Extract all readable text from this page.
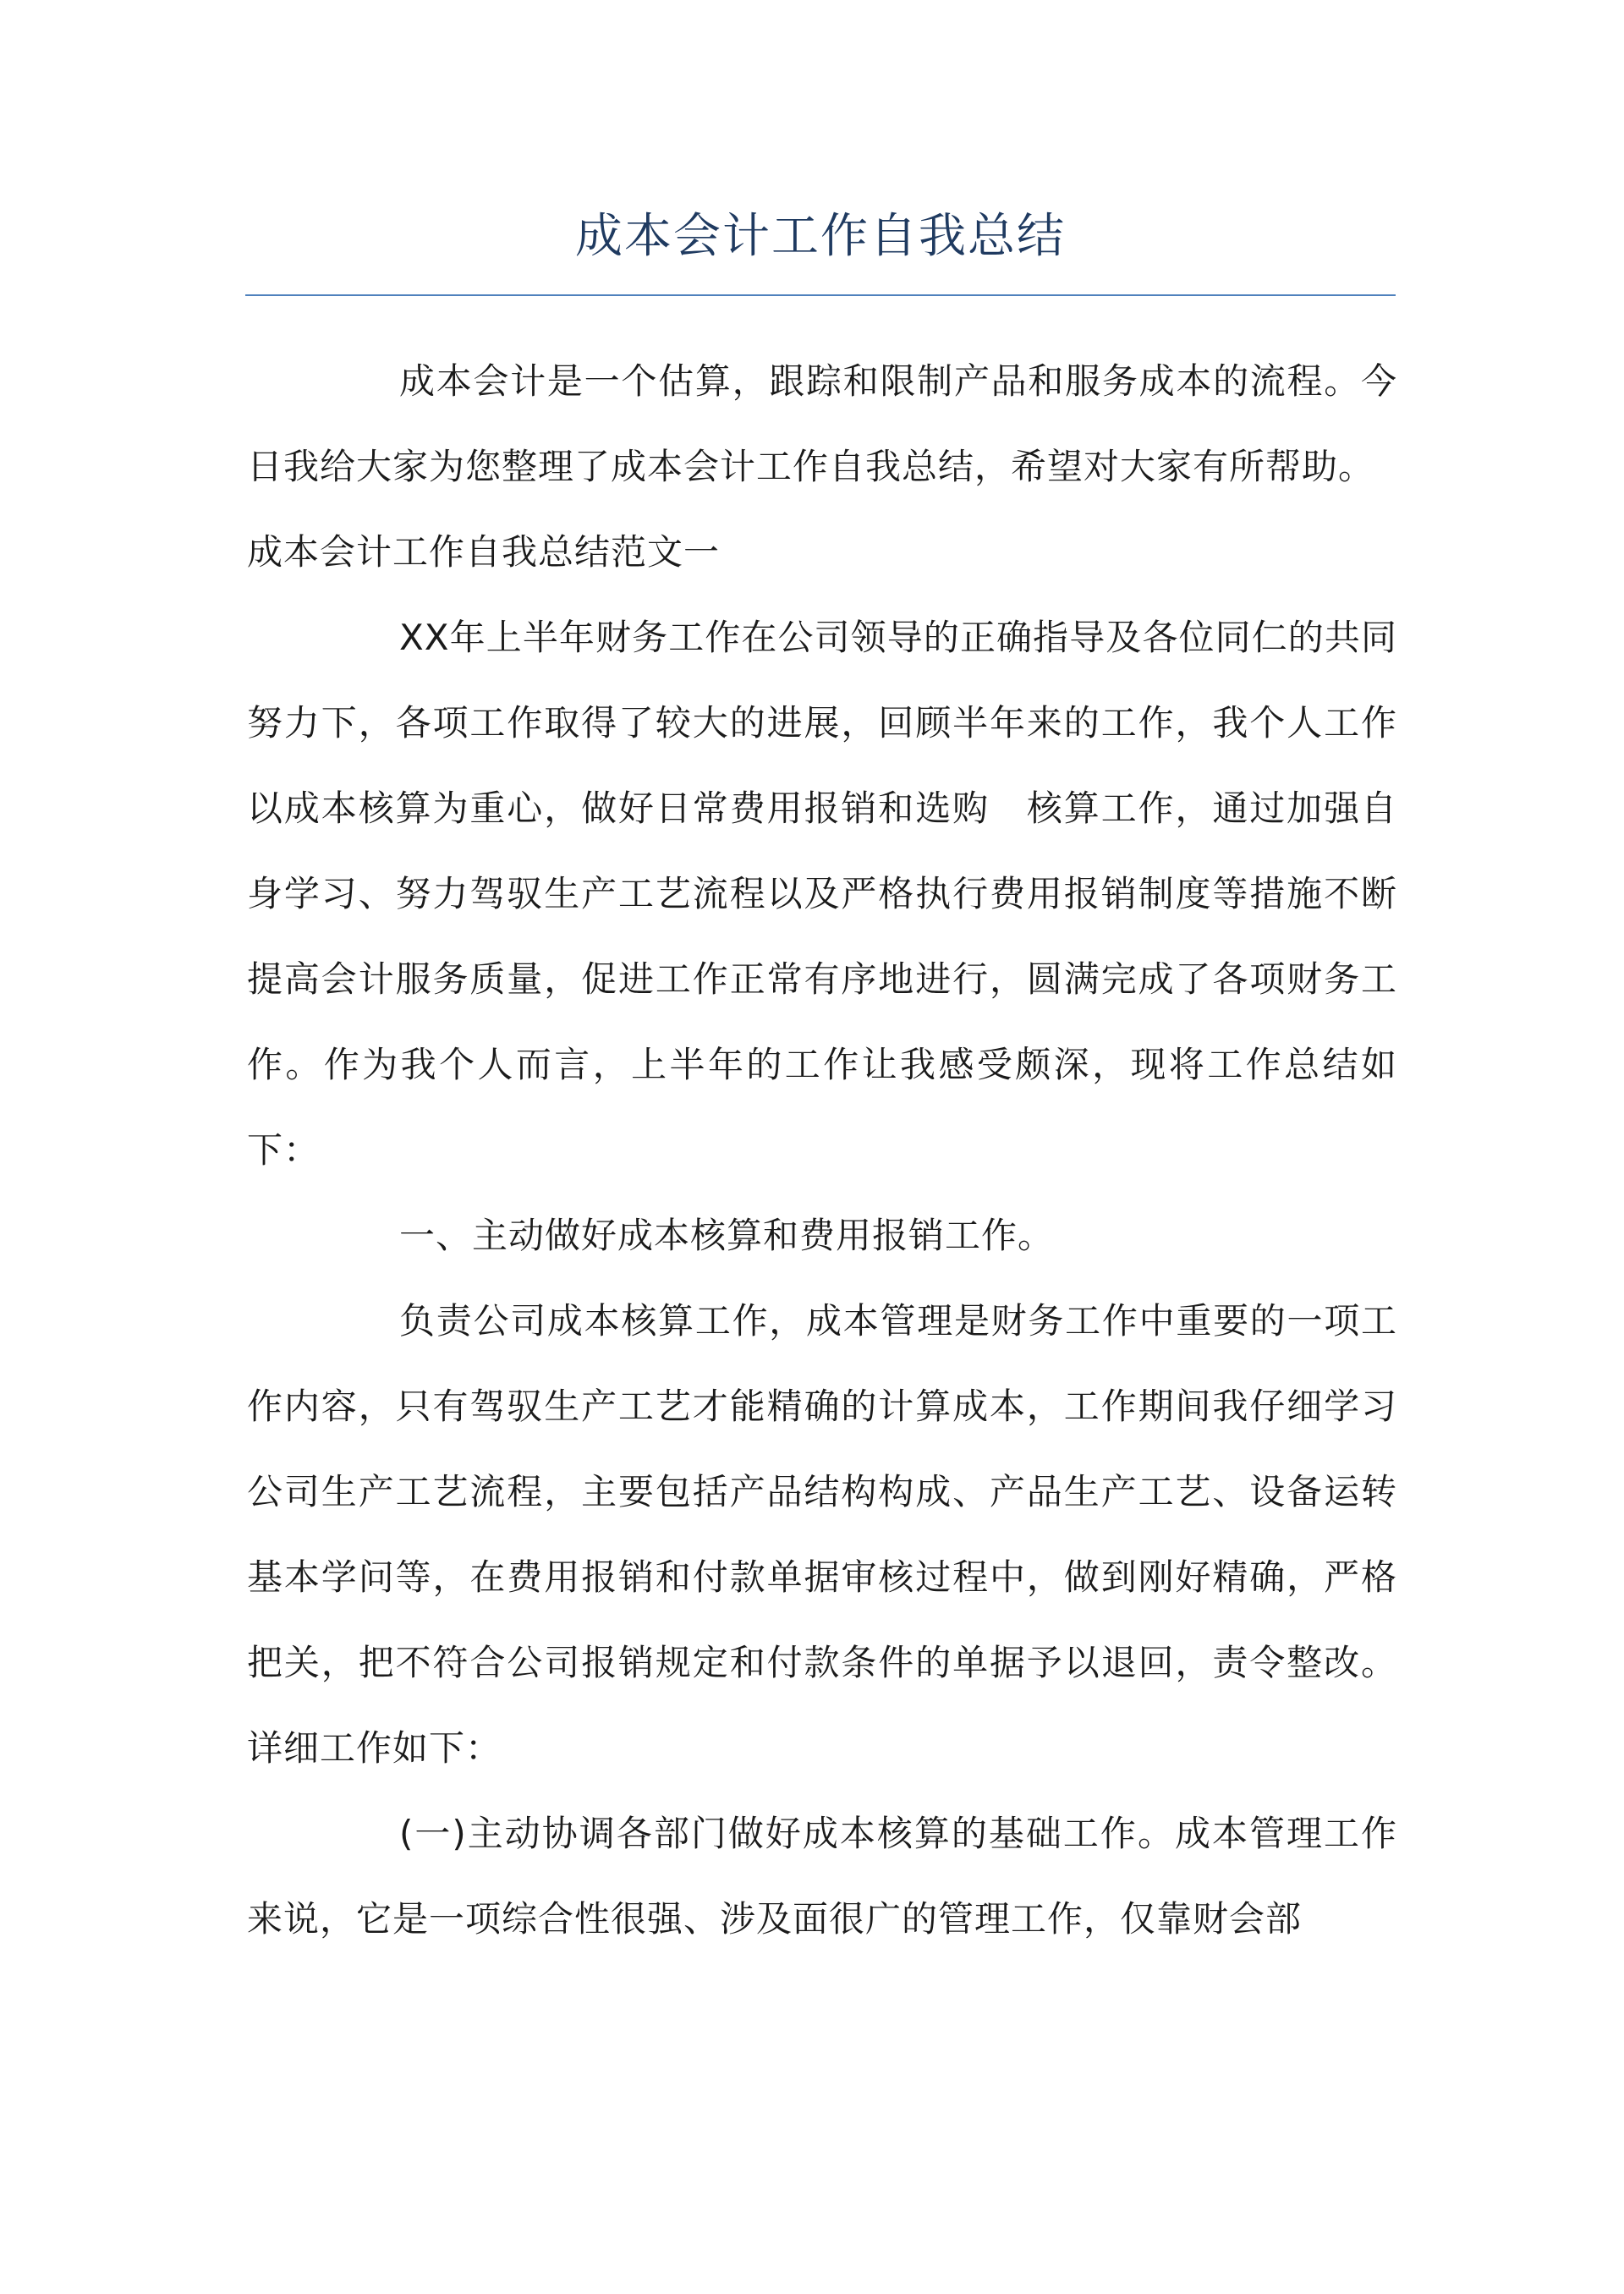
成本会计工作自我总结

成本会计是一个估算，跟踪和限制产品和服务成本的流程。今日我给大家为您整理了成本会计工作自我总结，希望对大家有所帮助。

成本会计工作自我总结范文一

XX年上半年财务工作在公司领导的正确指导及各位同仁的共同努力下，各项工作取得了较大的进展，回顾半年来的工作，我个人工作以成本核算为重心，做好日常费用报销和选购　核算工作，通过加强自身学习、努力驾驭生产工艺流程以及严格执行费用报销制度等措施不断提高会计服务质量，促进工作正常有序地进行，圆满完成了各项财务工作。作为我个人而言，上半年的工作让我感受颇深，现将工作总结如下：

一、主动做好成本核算和费用报销工作。

负责公司成本核算工作，成本管理是财务工作中重要的一项工作内容，只有驾驭生产工艺才能精确的计算成本，工作期间我仔细学习公司生产工艺流程，主要包括产品结构构成、产品生产工艺、设备运转基本学问等，在费用报销和付款单据审核过程中，做到刚好精确，严格把关，把不符合公司报销规定和付款条件的单据予以退回，责令整改。详细工作如下：

(一)主动协调各部门做好成本核算的基础工作。成本管理工作来说，它是一项综合性很强、涉及面很广的管理工作，仅靠财会部
